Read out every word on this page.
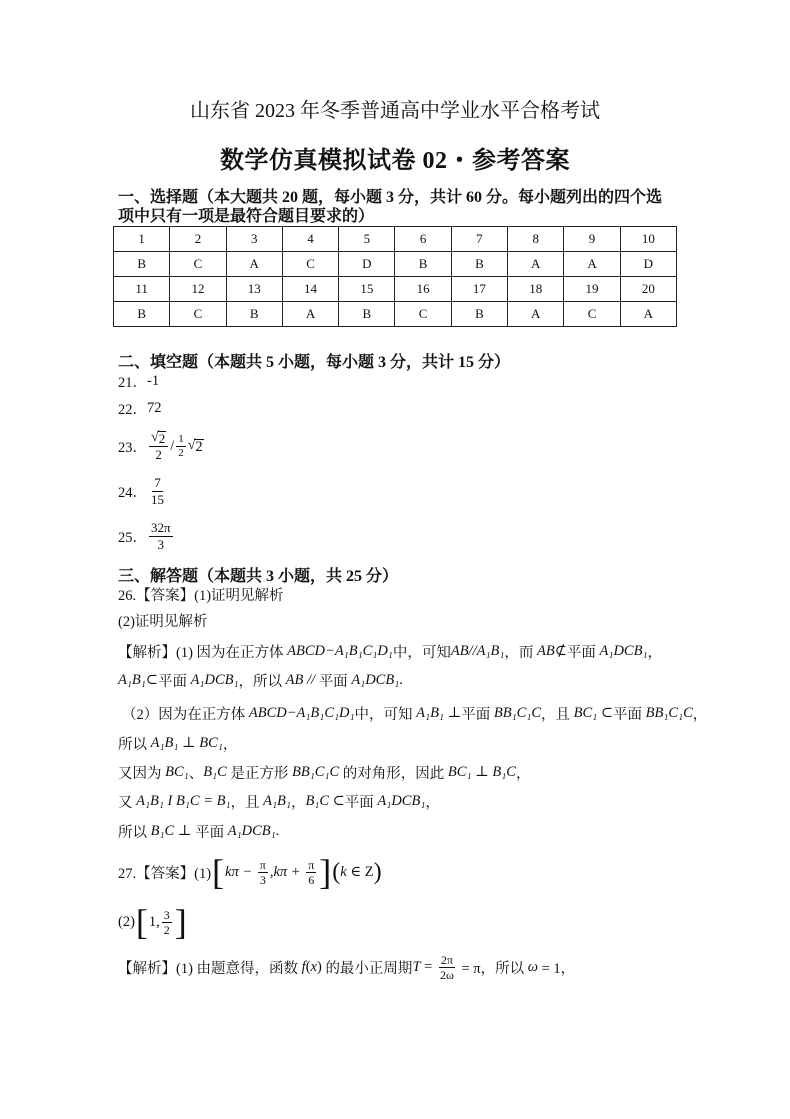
山东省 2023 年冬季普通高中学业水平合格考试
数学仿真模拟试卷 02・参考答案
一、选择题（本大题共 20 题，每小题 3 分，共计 60 分。每小题列出的四个选
项中只有一项是最符合题目要求的）
1	2	3	4	5	6	7	8	9	10
B	C	A	C	D	B	B	A	A	D
11	12	13	14	15	16	17	18	19	20
B	C	B	A	B	C	B	A	C	A
二、填空题（本题共 5 小题，每小题 3 分，共计 15 分）
21． -1
22． 72
23． $\frac{√ 2}{2} / \frac{1}{2}$ √ 2
24． $\frac{7}{15}$
25． $\frac{32\pi}{3}$
三、解答题（本题共 3 小题，共 25 分）
26.【答案】(1)证明见解析
(2)证明见解析
【解析】(1) 因为在正方体 ABCD−A₁B₁C₁D₁ 中，可知 AB//A₁B₁ ，而 AB⊄ 平面 A₁DCB₁ ，
A₁B₁⊂ 平面 A₁DCB₁ ，所以 AB // 平面 A₁DCB₁ .
（2）因为在正方体 ABCD−A₁B₁C₁D₁ 中，可知 A₁B₁ ⊥ 平面 BB₁C₁C ，且 BC₁ ⊂ 平面 BB₁C₁C ，
所以 A₁B₁ ⊥ BC₁ ，
又因为 BC₁ 、 B₁C 是正方形 BB₁C₁C 的对角形，因此 BC₁ ⊥ B₁C ，
又 A₁B₁ I B₁C = B₁ ，且 A₁B₁ ， B₁C ⊂ 平面 A₁DCB₁ ，
所以 B₁C ⊥ 平面 A₁DCB₁ .
27.【答案】(1) [ $k\pi - \frac{\pi}{3}$ , $k\pi + \frac{\pi}{6}$ ] ( k ∈ Z )
(2) [ 1, $\frac{3}{2}$ ]
【解析】(1) 由题意得，函数 f ( x ) 的最小正周期 $T = \frac{2\pi}{2\omega} = \pi$，所以 ω = 1，
